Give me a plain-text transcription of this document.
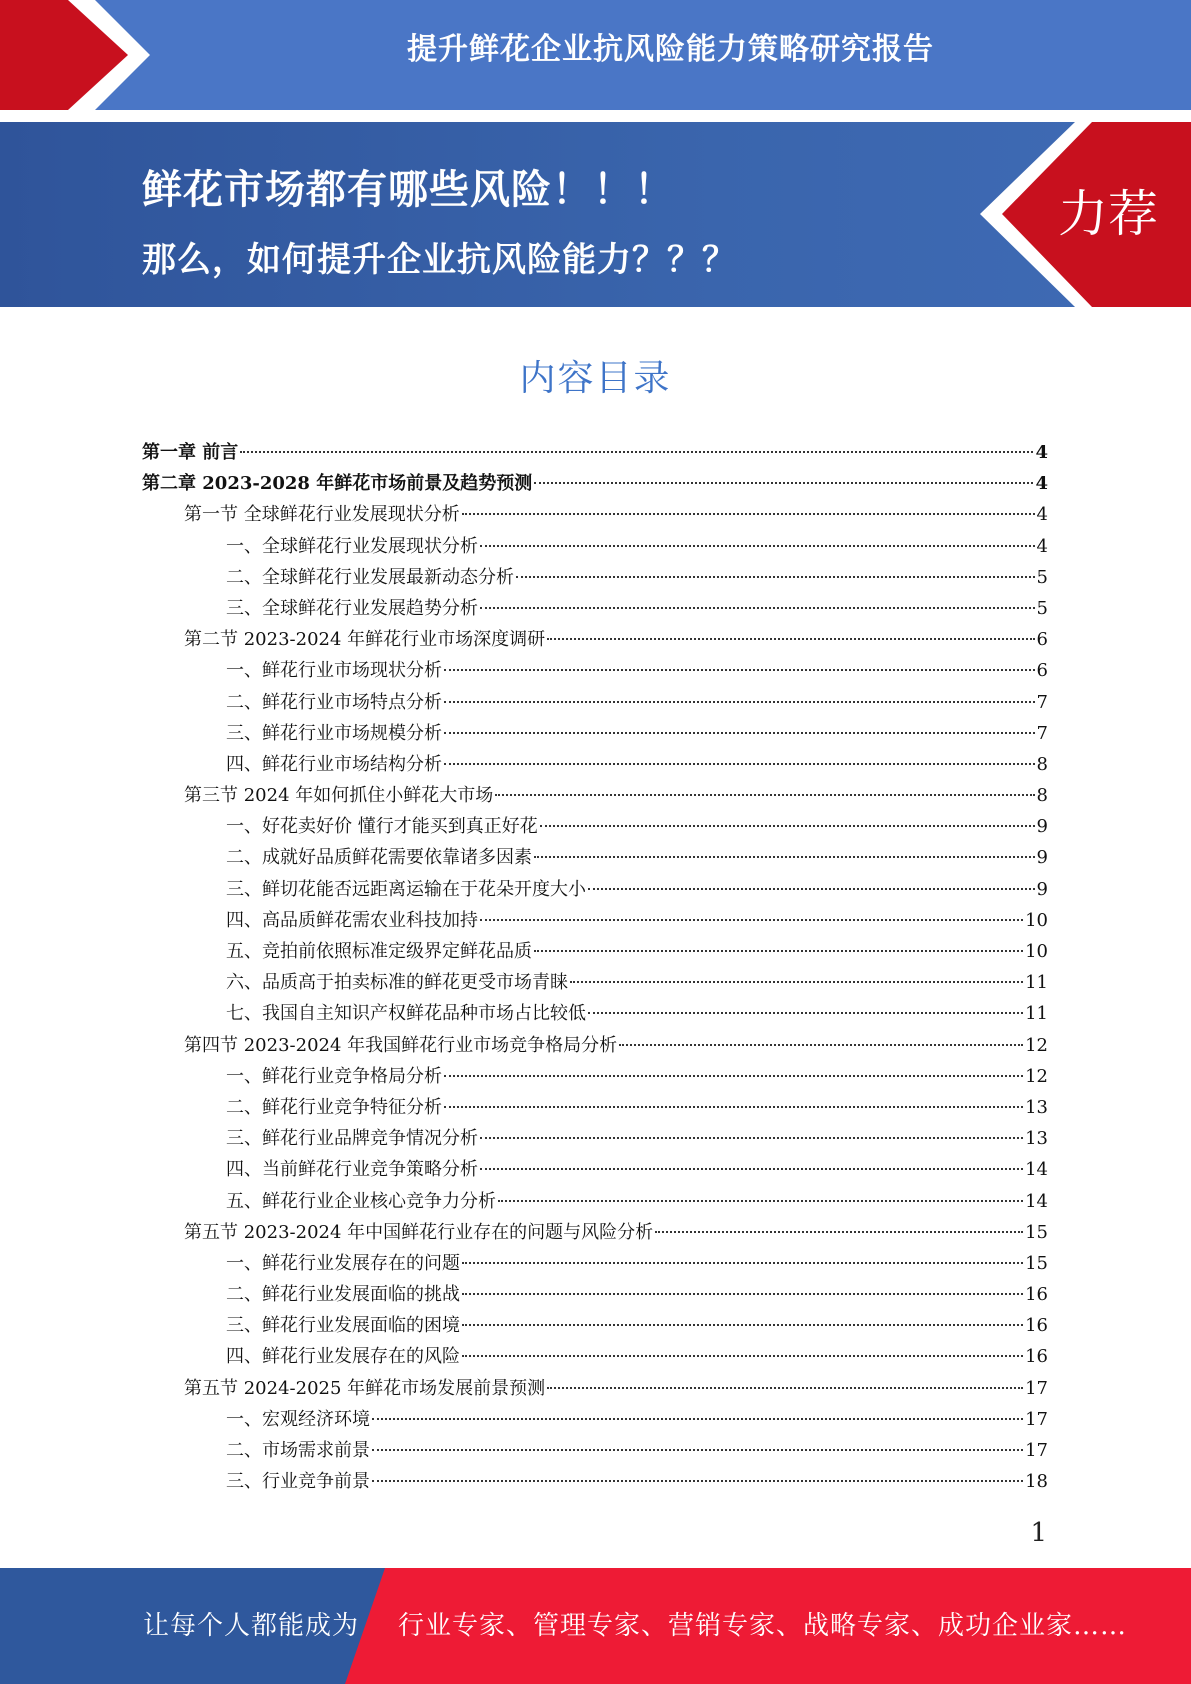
提升鲜花企业抗风险能力策略研究报告
鲜花市场都有哪些风险！！！
那么，如何提升企业抗风险能力？？？
力荐
内容目录
第一章 前言	4
第二章 2023-2028 年鲜花市场前景及趋势预测	4
第一节 全球鲜花行业发展现状分析	4
一、全球鲜花行业发展现状分析	4
二、全球鲜花行业发展最新动态分析	5
三、全球鲜花行业发展趋势分析	5
第二节 2023-2024 年鲜花行业市场深度调研	6
一、鲜花行业市场现状分析	6
二、鲜花行业市场特点分析	7
三、鲜花行业市场规模分析	7
四、鲜花行业市场结构分析	8
第三节 2024 年如何抓住小鲜花大市场	8
一、好花卖好价 懂行才能买到真正好花	9
二、成就好品质鲜花需要依靠诸多因素	9
三、鲜切花能否远距离运输在于花朵开度大小	9
四、高品质鲜花需农业科技加持	10
五、竞拍前依照标准定级界定鲜花品质	10
六、品质高于拍卖标准的鲜花更受市场青睐	11
七、我国自主知识产权鲜花品种市场占比较低	11
第四节 2023-2024 年我国鲜花行业市场竞争格局分析	12
一、鲜花行业竞争格局分析	12
二、鲜花行业竞争特征分析	13
三、鲜花行业品牌竞争情况分析	13
四、当前鲜花行业竞争策略分析	14
五、鲜花行业企业核心竞争力分析	14
第五节 2023-2024 年中国鲜花行业存在的问题与风险分析	15
一、鲜花行业发展存在的问题	15
二、鲜花行业发展面临的挑战	16
三、鲜花行业发展面临的困境	16
四、鲜花行业发展存在的风险	16
第五节 2024-2025 年鲜花市场发展前景预测	17
一、宏观经济环境	17
二、市场需求前景	17
三、行业竞争前景	18
1
让每个人都能成为 行业专家、管理专家、营销专家、战略专家、成功企业家……
